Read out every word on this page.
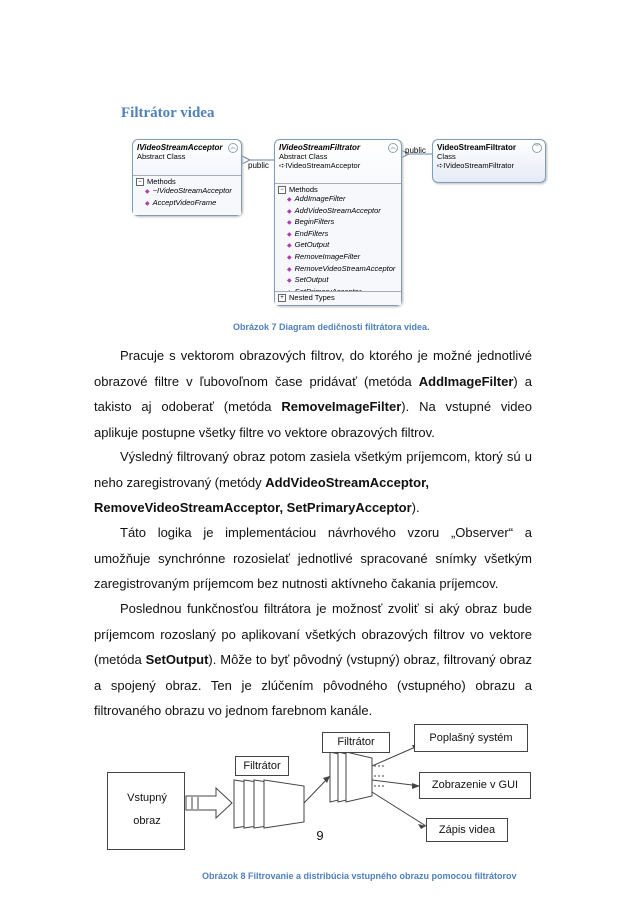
Filtrátor videa
public
public
︽
IVideoStreamAcceptor
Abstract Class
− Methods
◆ ~IVideoStreamAcceptor
◆ AcceptVideoFrame
︽
IVideoStreamFiltrator
Abstract Class
➪IVideoStreamAcceptor
− Methods
◆ AddImageFilter
◆ AddVideoStreamAcceptor
◆ BeginFilters
◆ EndFilters
◆ GetOutput
◆ RemoveImageFilter
◆ RemoveVideoStreamAcceptor
◆ SetOutput
◆
+ Nested Types
︾
VideoStreamFiltrator
Class
➪IVideoStreamFiltrator
Obrázok 7 Diagram dedičnosti filtrátora videa.

Pracuje s vektorom obrazových filtrov, do ktorého je možné jednotlivé obrazové filtre v ľubovoľnom čase pridávať (metóda AddImageFilter) a takisto aj odoberať (metóda RemoveImageFilter). Na vstupné video aplikuje postupne všetky filtre vo vektore obrazových filtrov.

Výsledný filtrovaný obraz potom zasiela všetkým príjemcom, ktorý sú u neho zaregistrovaný (metódy AddVideoStreamAcceptor,
RemoveVideoStreamAcceptor, SetPrimaryAcceptor).

Táto logika je implementáciou návrhového vzoru „Observer“ a umožňuje synchrónne rozosielať jednotlivé spracované snímky všetkým zaregistrovaným príjemcom bez nutnosti aktívneho čakania príjemcov.

Poslednou funkčnosťou filtrátora je možnosť zvoliť si aký obraz bude príjemcom rozoslaný po aplikovaní všetkých obrazových filtrov vo vektore (metóda SetOutput). Môže to byť pôvodný (vstupný) obraz, filtrovaný obraz a spojený obraz. Ten je zlúčením pôvodného (vstupného) obrazu a filtrovaného obrazu vo jednom farebnom kanále.

Vstupný obraz
Filtrátor
Filtrátor	Poplašný systém
Zobrazenie v GUI
Zápis videa
9
Obrázok 8 Filtrovanie a distribúcia vstupného obrazu pomocou filtrátorov
